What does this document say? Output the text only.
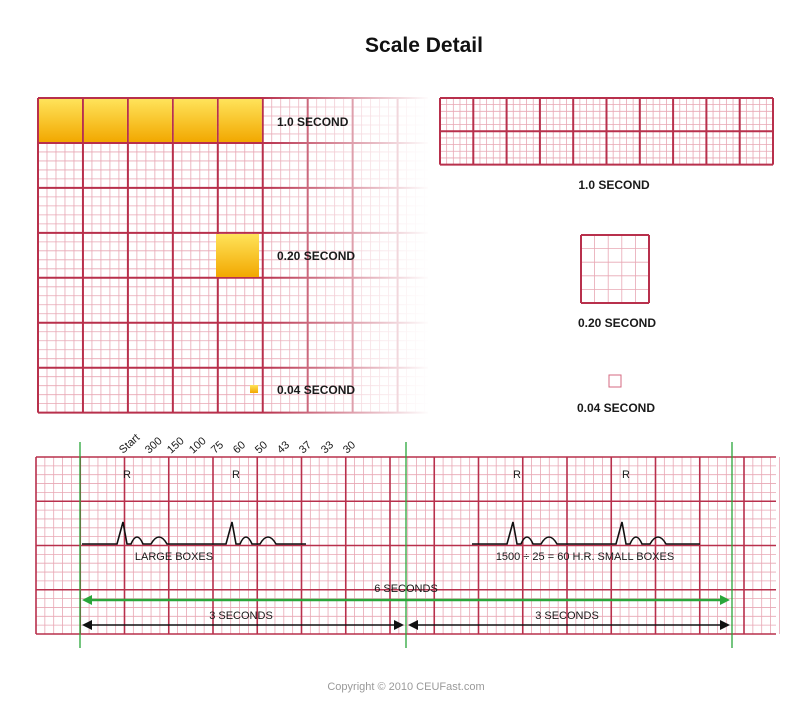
Scale Detail
1.0 SECOND
0.20 SECOND
0.04 SECOND
1.0 SECOND
0.20 SECOND
0.04 SECOND
Start 300 150 100 75 60 50 43 37 33 30
R	R	R	R
LARGE BOXES	1500 ÷ 25 = 60 H.R. SMALL BOXES
6 SECONDS
3 SECONDS	3 SECONDS
Copyright © 2010 CEUFast.com
